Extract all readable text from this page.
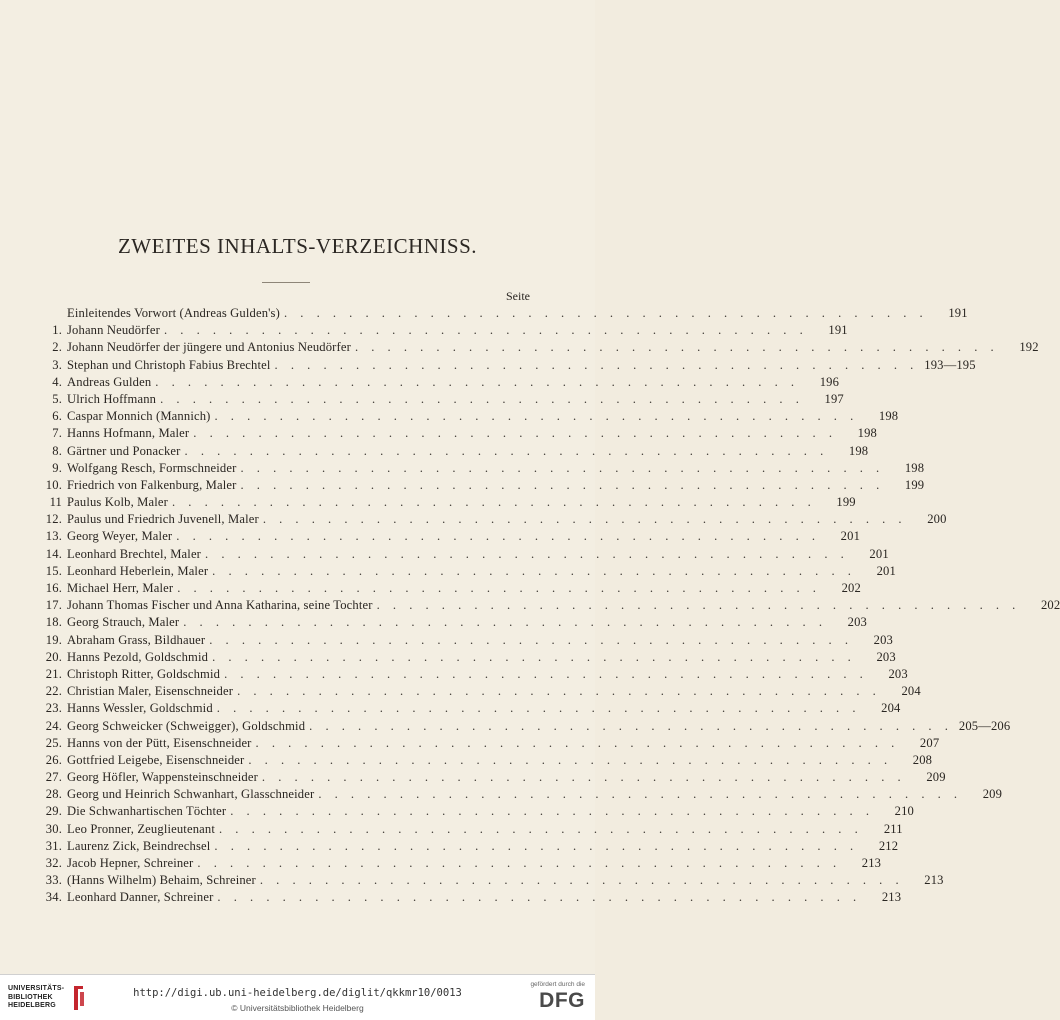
ZWEITES INHALTS-VERZEICHNISS.
Seite
Einleitendes Vorwort (Andreas Gulden's) . . . . . . . . . . . . . . . . . . . . . . . . . . . . . . . . . . . . . . . .	191
1. Johann Neudörfer . . . . . . . . . . . . . . . . . . . . . . . . . . . . . . . . . . . . . . . .	191
2. Johann Neudörfer der jüngere und Antonius Neudörfer . . . . . . . . . . . . . . . . . . . . . . . . . . . . . . . . . . . . . . . .	192
3. Stephan und Christoph Fabius Brechtel . . . . . . . . . . . . . . . . . . . . . . . . . . . . . . . . . . . . . . . . 193—195
4. Andreas Gulden . . . . . . . . . . . . . . . . . . . . . . . . . . . . . . . . . . . . . . . .	196
5. Ulrich Hoffmann . . . . . . . . . . . . . . . . . . . . . . . . . . . . . . . . . . . . . . . .	197
6. Caspar Monnich (Mannich) . . . . . . . . . . . . . . . . . . . . . . . . . . . . . . . . . . . . . . . .	198
7. Hanns Hofmann, Maler . . . . . . . . . . . . . . . . . . . . . . . . . . . . . . . . . . . . . . . .	198
8. Gärtner und Ponacker . . . . . . . . . . . . . . . . . . . . . . . . . . . . . . . . . . . . . . . .	198
9. Wolfgang Resch, Formschneider . . . . . . . . . . . . . . . . . . . . . . . . . . . . . . . . . . . . . . . .	198
10. Friedrich von Falkenburg, Maler . . . . . . . . . . . . . . . . . . . . . . . . . . . . . . . . . . . . . . . .	199
11 Paulus Kolb, Maler . . . . . . . . . . . . . . . . . . . . . . . . . . . . . . . . . . . . . . . .	199
12. Paulus und Friedrich Juvenell, Maler . . . . . . . . . . . . . . . . . . . . . . . . . . . . . . . . . . . . . . . .	200
13. Georg Weyer, Maler . . . . . . . . . . . . . . . . . . . . . . . . . . . . . . . . . . . . . . . .	201
14. Leonhard Brechtel, Maler . . . . . . . . . . . . . . . . . . . . . . . . . . . . . . . . . . . . . . . .	201
15. Leonhard Heberlein, Maler . . . . . . . . . . . . . . . . . . . . . . . . . . . . . . . . . . . . . . . .	201
16. Michael Herr, Maler . . . . . . . . . . . . . . . . . . . . . . . . . . . . . . . . . . . . . . . .	202
17. Johann Thomas Fischer und Anna Katharina, seine Tochter . . . . . . . . . . . . . . . . . . . . . . . . . . . . . . . . . . . . . . . .	202
18. Georg Strauch, Maler . . . . . . . . . . . . . . . . . . . . . . . . . . . . . . . . . . . . . . . .	203
19. Abraham Grass, Bildhauer . . . . . . . . . . . . . . . . . . . . . . . . . . . . . . . . . . . . . . . .	203
20. Hanns Pezold, Goldschmid . . . . . . . . . . . . . . . . . . . . . . . . . . . . . . . . . . . . . . . .	203
21. Christoph Ritter, Goldschmid . . . . . . . . . . . . . . . . . . . . . . . . . . . . . . . . . . . . . . . .	203
22. Christian Maler, Eisenschneider . . . . . . . . . . . . . . . . . . . . . . . . . . . . . . . . . . . . . . . .	204
23. Hanns Wessler, Goldschmid . . . . . . . . . . . . . . . . . . . . . . . . . . . . . . . . . . . . . . . .	204
24. Georg Schweicker (Schweigger), Goldschmid . . . . . . . . . . . . . . . . . . . . . . . . . . . . . . . . . . . . . . . . 205—206
25. Hanns von der Pütt, Eisenschneider . . . . . . . . . . . . . . . . . . . . . . . . . . . . . . . . . . . . . . . .	207
26. Gottfried Leigebe, Eisenschneider . . . . . . . . . . . . . . . . . . . . . . . . . . . . . . . . . . . . . . . .	208
27. Georg Höfler, Wappensteinschneider . . . . . . . . . . . . . . . . . . . . . . . . . . . . . . . . . . . . . . . .	209
28. Georg und Heinrich Schwanhart, Glasschneider . . . . . . . . . . . . . . . . . . . . . . . . . . . . . . . . . . . . . . . .	209
29. Die Schwanhartischen Töchter . . . . . . . . . . . . . . . . . . . . . . . . . . . . . . . . . . . . . . . .	210
30. Leo Pronner, Zeuglieutenant . . . . . . . . . . . . . . . . . . . . . . . . . . . . . . . . . . . . . . . .	211
31. Laurenz Zick, Beindrechsel . . . . . . . . . . . . . . . . . . . . . . . . . . . . . . . . . . . . . . . .	212
32. Jacob Hepner, Schreiner . . . . . . . . . . . . . . . . . . . . . . . . . . . . . . . . . . . . . . . .	213
33. (Hanns Wilhelm) Behaim, Schreiner . . . . . . . . . . . . . . . . . . . . . . . . . . . . . . . . . . . . . . . .	213
34. Leonhard Danner, Schreiner . . . . . . . . . . . . . . . . . . . . . . . . . . . . . . . . . . . . . . . .	213
UNIVERSITÄTS-
BIBLIOTHEK
HEIDELBERG
http://digi.ub.uni-heidelberg.de/diglit/qkkmr10/0013
© Universitätsbibliothek Heidelberg
gefördert durch die
DFG
